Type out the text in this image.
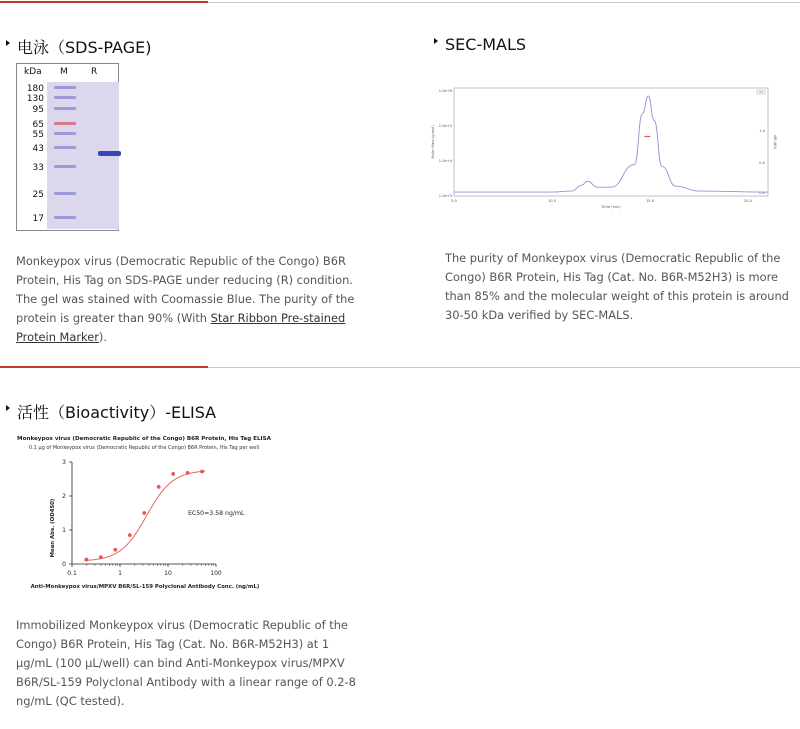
电泳（SDS-PAGE)
kDa M	R
180
130
95
65
55
43
33
25
17

Monkeypox virus (Democratic Republic of the Congo) B6R Protein, His Tag on SDS-PAGE under reducing (R) condition. The gel was stained with Coomassie Blue. The purity of the protein is greater than 90% (With Star Ribbon Pre-stained Protein Marker).

SEC-MALS
Molar Mass (g/mol)	dRI (AU)
1.0e+6
1.0e+5
1.0e+4
1.0e+3
1.0
0.5
0.0
5.0	10.0	15.0	20.0
Time (min)
UV

The purity of Monkeypox virus (Democratic Republic of the Congo) B6R Protein, His Tag (Cat. No. B6R-M52H3) is more than 85% and the molecular weight of this protein is around 30-50 kDa verified by SEC-MALS.

活性（Bioactivity）-ELISA
Monkeypox virus (Democratic Republic of the Congo) B6R Protein, His Tag ELISA
0.1 μg of Monkeypox virus (Democratic Republic of the Congo) B6R Protein, His Tag per well
Mean Abs. (OD450)
Anti-Monkeypox virus/MPXV B6R/SL-159 Polyclonal Antibody Conc. (ng/mL)
EC50=3.58 ng/mL
0
1
2
3
0.1	1	10	100

Immobilized Monkeypox virus (Democratic Republic of the Congo) B6R Protein, His Tag (Cat. No. B6R-M52H3) at 1 μg/mL (100 μL/well) can bind Anti-Monkeypox virus/MPXV B6R/SL-159 Polyclonal Antibody with a linear range of 0.2-8 ng/mL (QC tested).
